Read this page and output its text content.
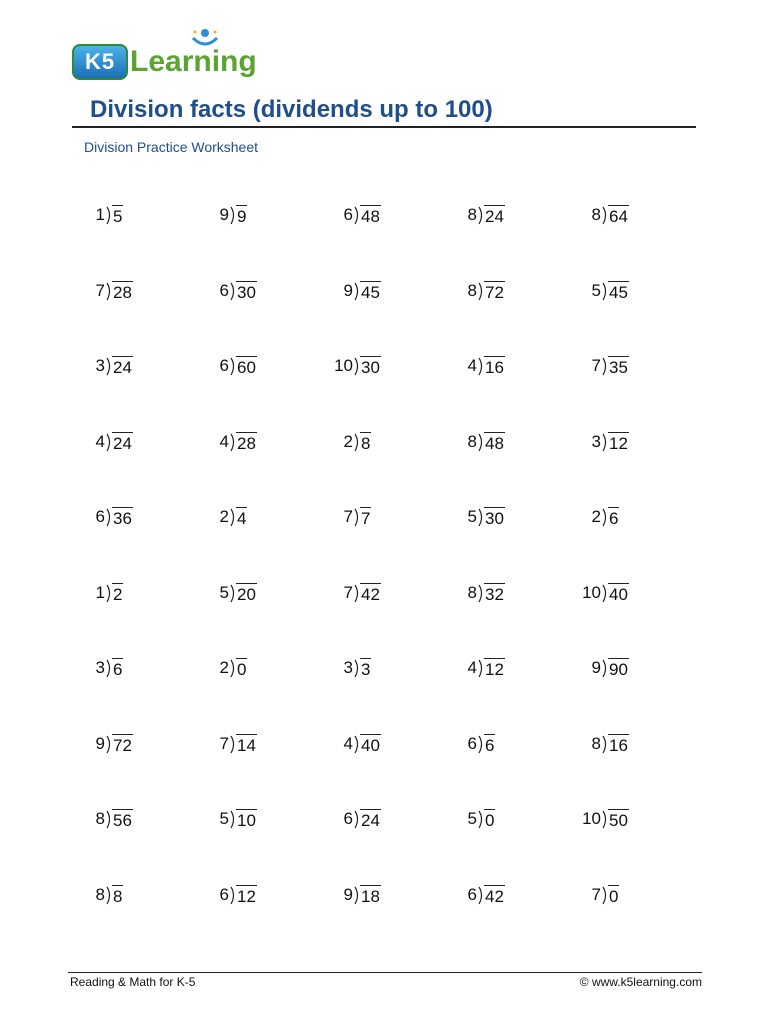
K5 Learning
Division facts (dividends up to 100)
Division Practice Worksheet
1 5	9 9	6 48	8 24	8 64
7 28	6 30	9 45	8 72	5 45
3 24	6 60	10 30	4 16	7 35
4 24	4 28	2 8	8 48	3 12
6 36	2 4	7 7	5 30	2 6
1 2	5 20	7 42	8 32	10 40
3 6	2 0	3 3	4 12	9 90
9 72	7 14	4 40	6 6	8 16
8 56	5 10	6 24	5 0	10 50
8 8	6 12	9 18	6 42	7 0
Reading & Math for K-5	© www.k5learning.com
